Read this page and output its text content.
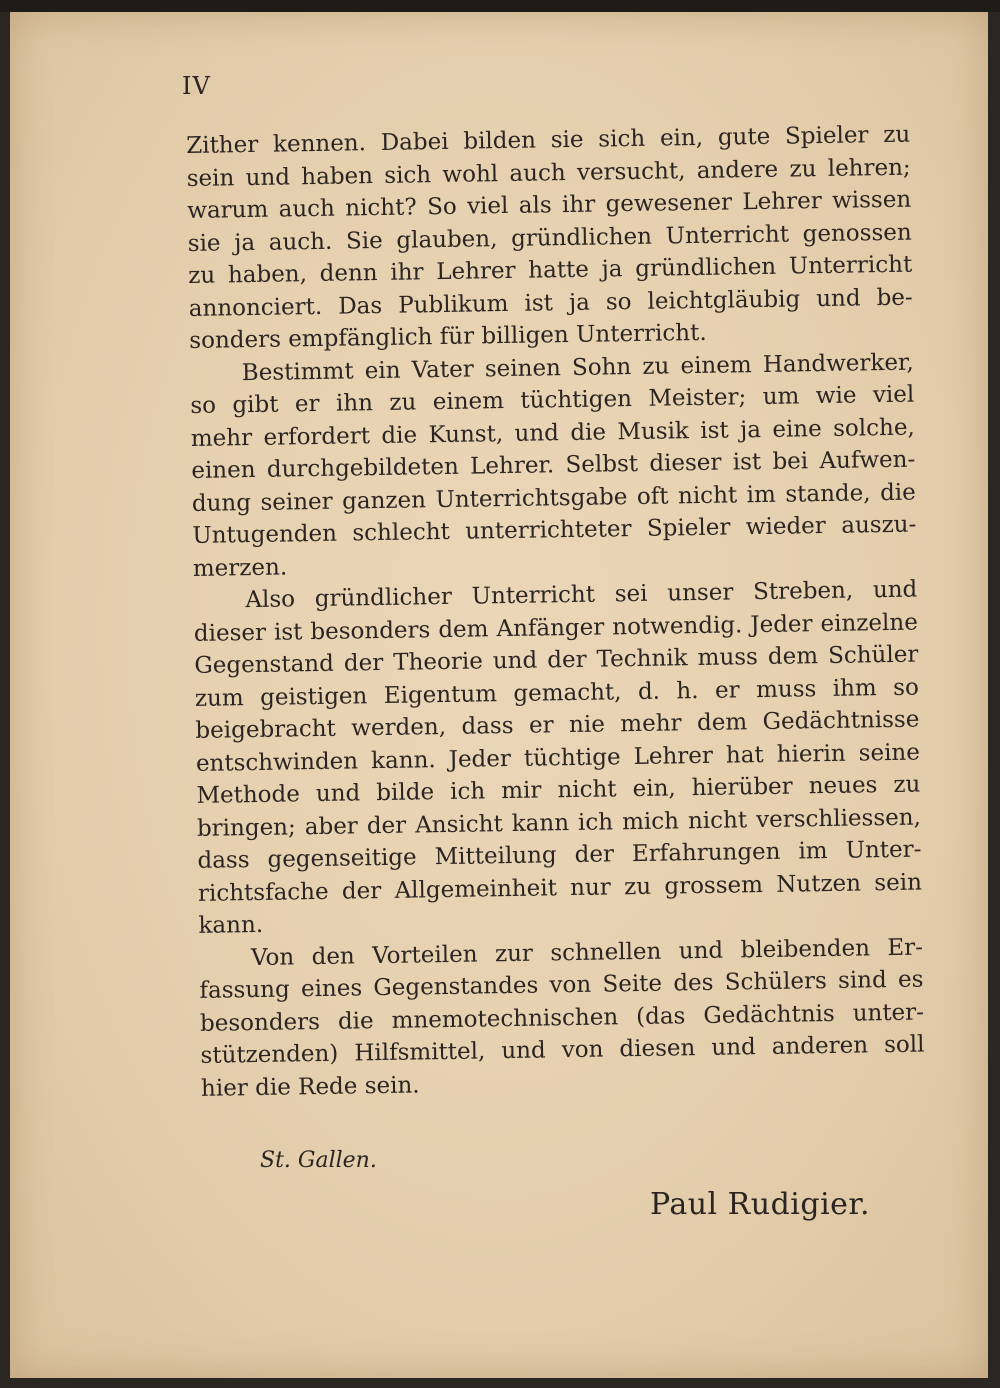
IV
Zither kennen. Dabei bilden sie sich ein, gute Spieler zu
sein und haben sich wohl auch versucht, andere zu lehren;
warum auch nicht? So viel als ihr gewesener Lehrer wissen
sie ja auch. Sie glauben, gründlichen Unterricht genossen
zu haben, denn ihr Lehrer hatte ja gründlichen Unterricht
annonciert. Das Publikum ist ja so leichtgläubig und be-
sonders empfänglich für billigen Unterricht.
Bestimmt ein Vater seinen Sohn zu einem Handwerker,
so gibt er ihn zu einem tüchtigen Meister; um wie viel
mehr erfordert die Kunst, und die Musik ist ja eine solche,
einen durchgebildeten Lehrer. Selbst dieser ist bei Aufwen-
dung seiner ganzen Unterrichtsgabe oft nicht im stande, die
Untugenden schlecht unterrichteter Spieler wieder auszu-
merzen.
Also gründlicher Unterricht sei unser Streben, und
dieser ist besonders dem Anfänger notwendig. Jeder einzelne
Gegenstand der Theorie und der Technik muss dem Schüler
zum geistigen Eigentum gemacht, d. h. er muss ihm so
beigebracht werden, dass er nie mehr dem Gedächtnisse
entschwinden kann. Jeder tüchtige Lehrer hat hierin seine
Methode und bilde ich mir nicht ein, hierüber neues zu
bringen; aber der Ansicht kann ich mich nicht verschliessen,
dass gegenseitige Mitteilung der Erfahrungen im Unter-
richtsfache der Allgemeinheit nur zu grossem Nutzen sein
kann.
Von den Vorteilen zur schnellen und bleibenden Er-
fassung eines Gegenstandes von Seite des Schülers sind es
besonders die mnemotechnischen (das Gedächtnis unter-
stützenden) Hilfsmittel, und von diesen und anderen soll
hier die Rede sein.
St. Gallen.
Paul Rudigier.
